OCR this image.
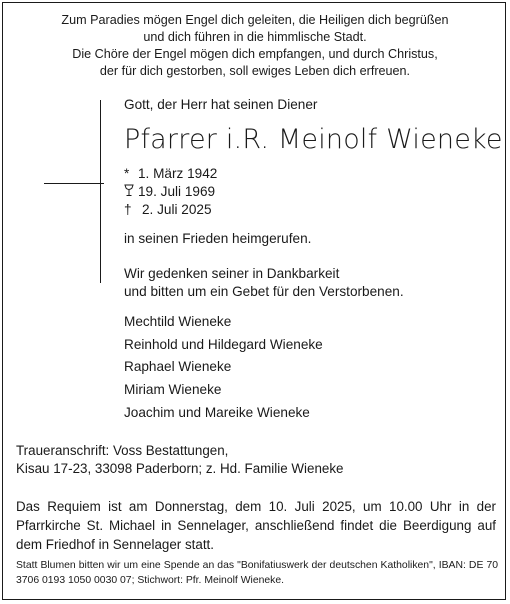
Zum Paradies mögen Engel dich geleiten, die Heiligen dich begrüßen
und dich führen in die himmlische Stadt.
Die Chöre der Engel mögen dich empfangen, und durch Christus,
der für dich gestorben, soll ewiges Leben dich erfreuen.
Gott, der Herr hat seinen Diener
Pfarrer i.R. Meinolf Wieneke
* 1. März 1942
19. Juli 1969
† 2. Juli 2025
in seinen Frieden heimgerufen.
Wir gedenken seiner in Dankbarkeit
und bitten um ein Gebet für den Verstorbenen.
Mechtild Wieneke
Reinhold und Hildegard Wieneke
Raphael Wieneke
Miriam Wieneke
Joachim und Mareike Wieneke
Traueranschrift: Voss Bestattungen,
Kisau 17-23, 33098 Paderborn; z. Hd. Familie Wieneke
Das Requiem ist am Donnerstag, dem 10. Juli 2025, um 10.00 Uhr in der Pfarrkirche St. Michael in Sennelager, anschließend findet die Beerdigung auf dem Friedhof in Sennelager statt.
Statt Blumen bitten wir um eine Spende an das "Bonifatiuswerk der deutschen Katholiken", IBAN: DE 70 3706 0193 1050 0030 07; Stichwort: Pfr. Meinolf Wieneke.
